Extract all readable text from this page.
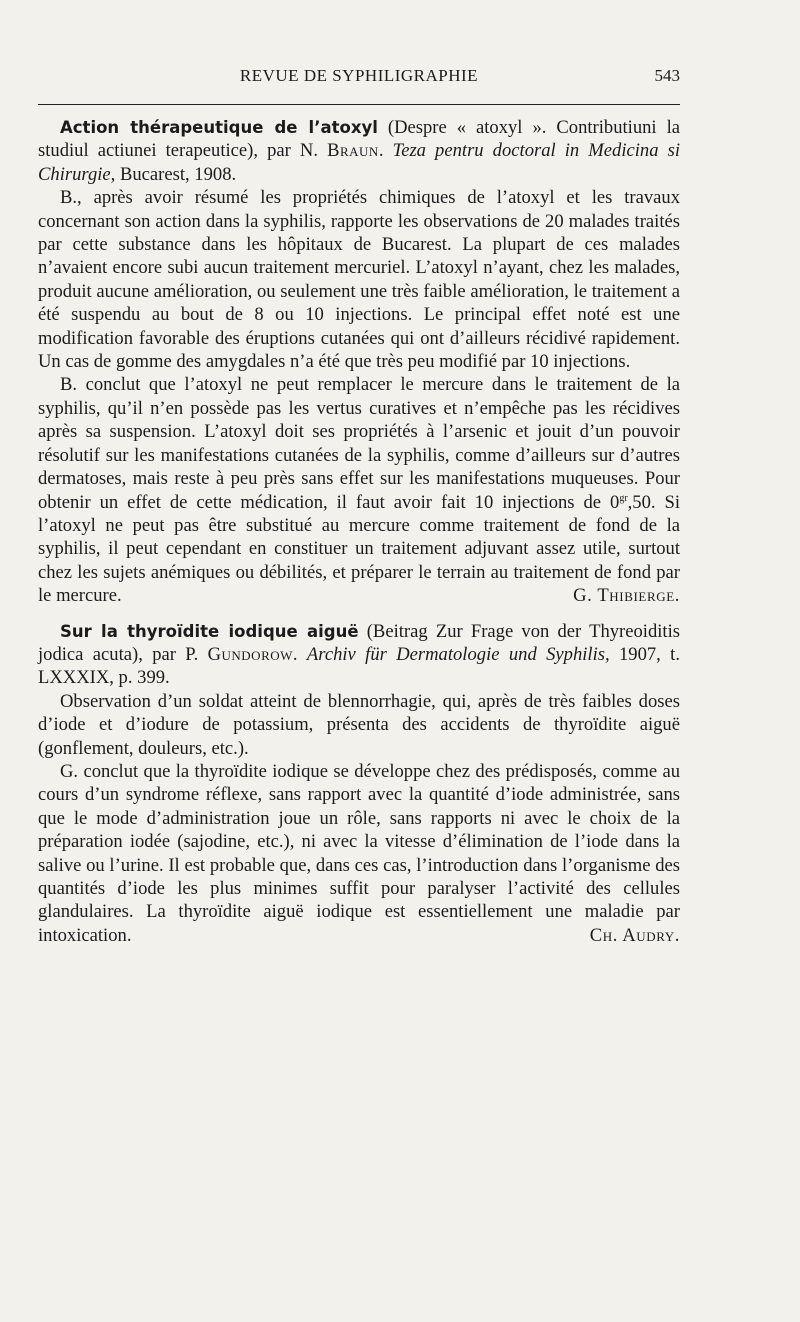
REVUE DE SYPHILIGRAPHIE	543

Action thérapeutique de l’atoxyl (Despre « atoxyl ». Contributiuni la studiul actiunei terapeutice), par N. Braun. Teza pentru doctoral in Medicina si Chirurgie, Bucarest, 1908.

B., après avoir résumé les propriétés chimiques de l’atoxyl et les travaux concernant son action dans la syphilis, rapporte les observations de 20 malades traités par cette substance dans les hôpitaux de Bucarest. La plupart de ces malades n’avaient encore subi aucun traitement mercuriel. L’atoxyl n’ayant, chez les malades, produit aucune amélioration, ou seulement une très faible amélioration, le traitement a été suspendu au bout de 8 ou 10 injections. Le principal effet noté est une modification favorable des éruptions cutanées qui ont d’ailleurs récidivé rapidement. Un cas de gomme des amygdales n’a été que très peu modifié par 10 injections.

B. conclut que l’atoxyl ne peut remplacer le mercure dans le traitement de la syphilis, qu’il n’en possède pas les vertus curatives et n’empêche pas les récidives après sa suspension. L’atoxyl doit ses propriétés à l’arsenic et jouit d’un pouvoir résolutif sur les manifestations cutanées de la syphilis, comme d’ailleurs sur d’autres dermatoses, mais reste à peu près sans effet sur les manifestations muqueuses. Pour obtenir un effet de cette médication, il faut avoir fait 10 injections de $0^{gr},50$. Si l’atoxyl ne peut pas être substitué au mercure comme traitement de fond de la syphilis, il peut cependant en constituer un traitement adjuvant assez utile, surtout chez les sujets anémiques ou débilités, et préparer le terrain au traitement de fond par le mercure.	G. Thibierge.

Sur la thyroïdite iodique aiguë (Beitrag Zur Frage von der Thyreoiditis jodica acuta), par P. Gundorow. Archiv für Dermatologie und Syphilis, 1907, t. LXXXIX, p. 399.

Observation d’un soldat atteint de blennorrhagie, qui, après de très faibles doses d’iode et d’iodure de potassium, présenta des accidents de thyroïdite aiguë (gonflement, douleurs, etc.).

G. conclut que la thyroïdite iodique se développe chez des prédisposés, comme au cours d’un syndrome réflexe, sans rapport avec la quantité d’iode administrée, sans que le mode d’administration joue un rôle, sans rapports ni avec le choix de la préparation iodée (sajodine, etc.), ni avec la vitesse d’élimination de l’iode dans la salive ou l’urine. Il est probable que, dans ces cas, l’introduction dans l’organisme des quantités d’iode les plus minimes suffit pour paralyser l’activité des cellules glandulaires. La thyroïdite aiguë iodique est essentiellement une maladie par intoxication.	Ch. Audry.
